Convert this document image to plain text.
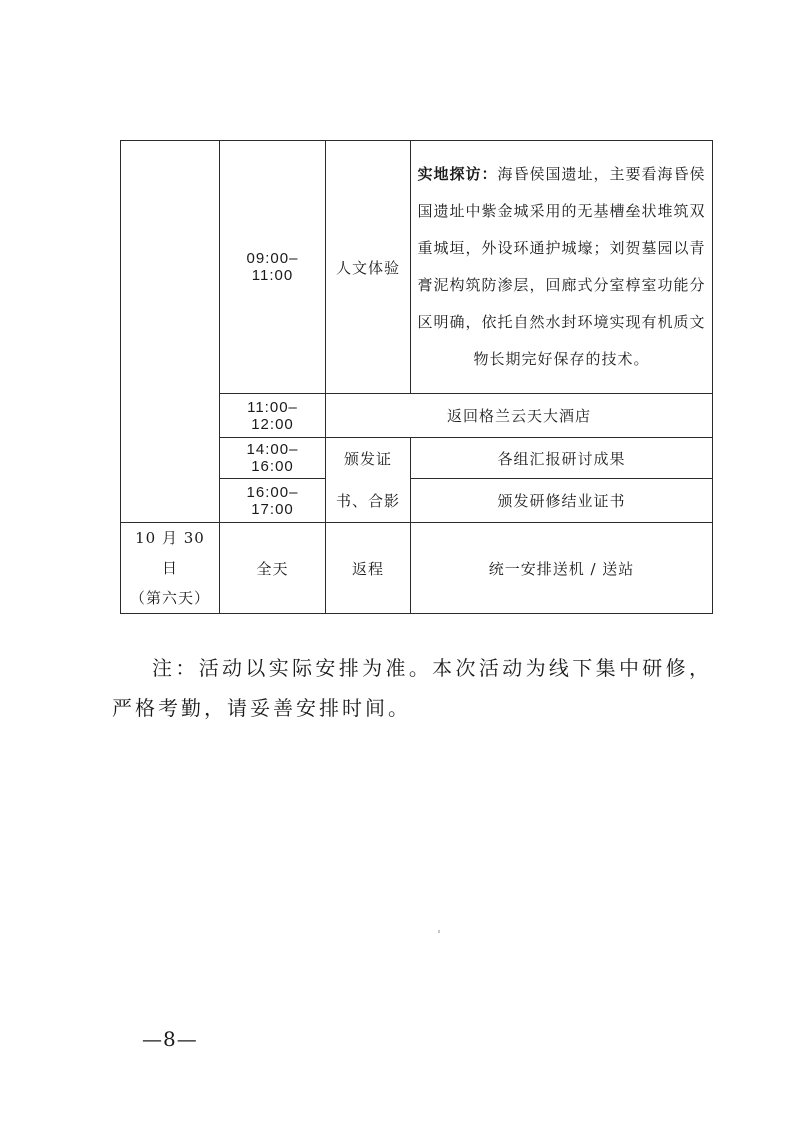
	09:00–11:00	人文体验	实地探访：海昏侯国遗址，主要看海昏侯国遗址中紫金城采用的无基槽垒状堆筑双重城垣，外设环通护城壕；刘贺墓园以青膏泥构筑防渗层，回廊式分室椁室功能分区明确，依托自然水封环境实现有机质文物长期完好保存的技术。
	11:00–12:00	返回格兰云天大酒店	
	14:00–16:00	颁发证书、合影	各组汇报研讨成果
	16:00–17:00		颁发研修结业证书

10 月 30 日
（第六天）	全天	返程	统一安排送机 / 送站

注：活动以实际安排为准。本次活动为线下集中研修，严格考勤，请妥善安排时间。

—8—
